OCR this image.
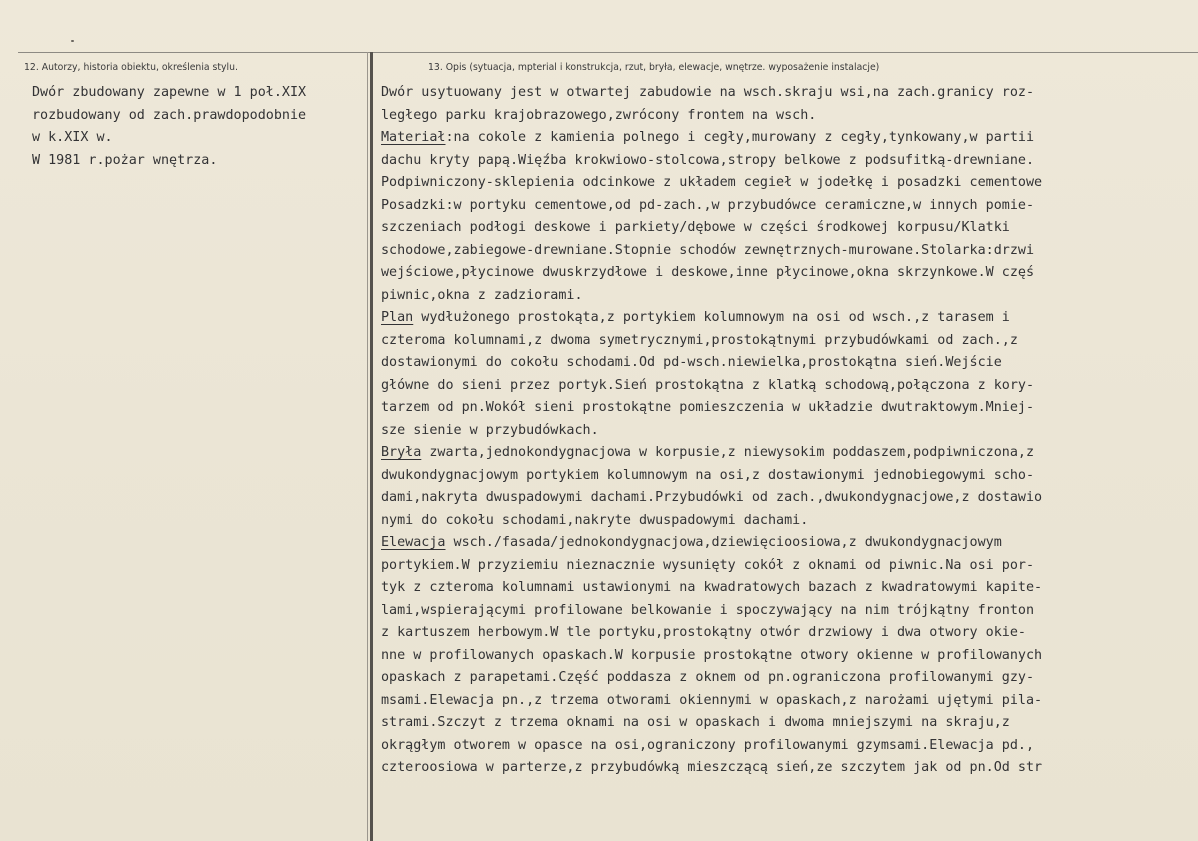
12. Autorzy, historia obiektu, określenia stylu.	13. Opis (sytuacja, mpterial i konstrukcja, rzut, bryła, elewacje, wnętrze. wyposażenie instalacje)
Dwór zbudowany zapewne w 1 poł.XIX
rozbudowany od zach.prawdopodobnie
w k.XIX w.
W 1981 r.pożar wnętrza.
Dwór usytuowany jest w otwartej zabudowie na wsch.skraju wsi,na zach.granicy roz-
ległego parku krajobrazowego,zwrócony frontem na wsch.
Materiał:na cokole z kamienia polnego i cegły,murowany z cegły,tynkowany,w partii
dachu kryty papą.Więźba krokwiowo-stolcowa,stropy belkowe z podsufitką-drewniane.
Podpiwniczony-sklepienia odcinkowe z układem cegieł w jodełkę i posadzki cementowe
Posadzki:w portyku cementowe,od pd-zach.,w przybudówce ceramiczne,w innych pomie-
szczeniach podłogi deskowe i parkiety/dębowe w części środkowej korpusu/Klatki
schodowe,zabiegowe-drewniane.Stopnie schodów zewnętrznych-murowane.Stolarka:drzwi
wejściowe,płycinowe dwuskrzydłowe i deskowe,inne płycinowe,okna skrzynkowe.W częś
piwnic,okna z zadziorami.
Plan wydłużonego prostokąta,z portykiem kolumnowym na osi od wsch.,z tarasem i
czteroma kolumnami,z dwoma symetrycznymi,prostokątnymi przybudówkami od zach.,z
dostawionymi do cokołu schodami.Od pd-wsch.niewielka,prostokątna sień.Wejście
główne do sieni przez portyk.Sień prostokątna z klatką schodową,połączona z kory-
tarzem od pn.Wokół sieni prostokątne pomieszczenia w układzie dwutraktowym.Mniej-
sze sienie w przybudówkach.
Bryła zwarta,jednokondygnacjowa w korpusie,z niewysokim poddaszem,podpiwniczona,z
dwukondygnacjowym portykiem kolumnowym na osi,z dostawionymi jednobiegowymi scho-
dami,nakryta dwuspadowymi dachami.Przybudówki od zach.,dwukondygnacjowe,z dostawio
nymi do cokołu schodami,nakryte dwuspadowymi dachami.
Elewacja wsch./fasada/jednokondygnacjowa,dziewięcioosiowa,z dwukondygnacjowym
portykiem.W przyziemiu nieznacznie wysunięty cokół z oknami od piwnic.Na osi por-
tyk z czteroma kolumnami ustawionymi na kwadratowych bazach z kwadratowymi kapite-
lami,wspierającymi profilowane belkowanie i spoczywający na nim trójkątny fronton
z kartuszem herbowym.W tle portyku,prostokątny otwór drzwiowy i dwa otwory okie-
nne w profilowanych opaskach.W korpusie prostokątne otwory okienne w profilowanych
opaskach z parapetami.Część poddasza z oknem od pn.ograniczona profilowanymi gzy-
msami.Elewacja pn.,z trzema otworami okiennymi w opaskach,z narożami ujętymi pila-
strami.Szczyt z trzema oknami na osi w opaskach i dwoma mniejszymi na skraju,z
okrągłym otworem w opasce na osi,ograniczony profilowanymi gzymsami.Elewacja pd.,
czteroosiowa w parterze,z przybudówką mieszczącą sień,ze szczytem jak od pn.Od str
